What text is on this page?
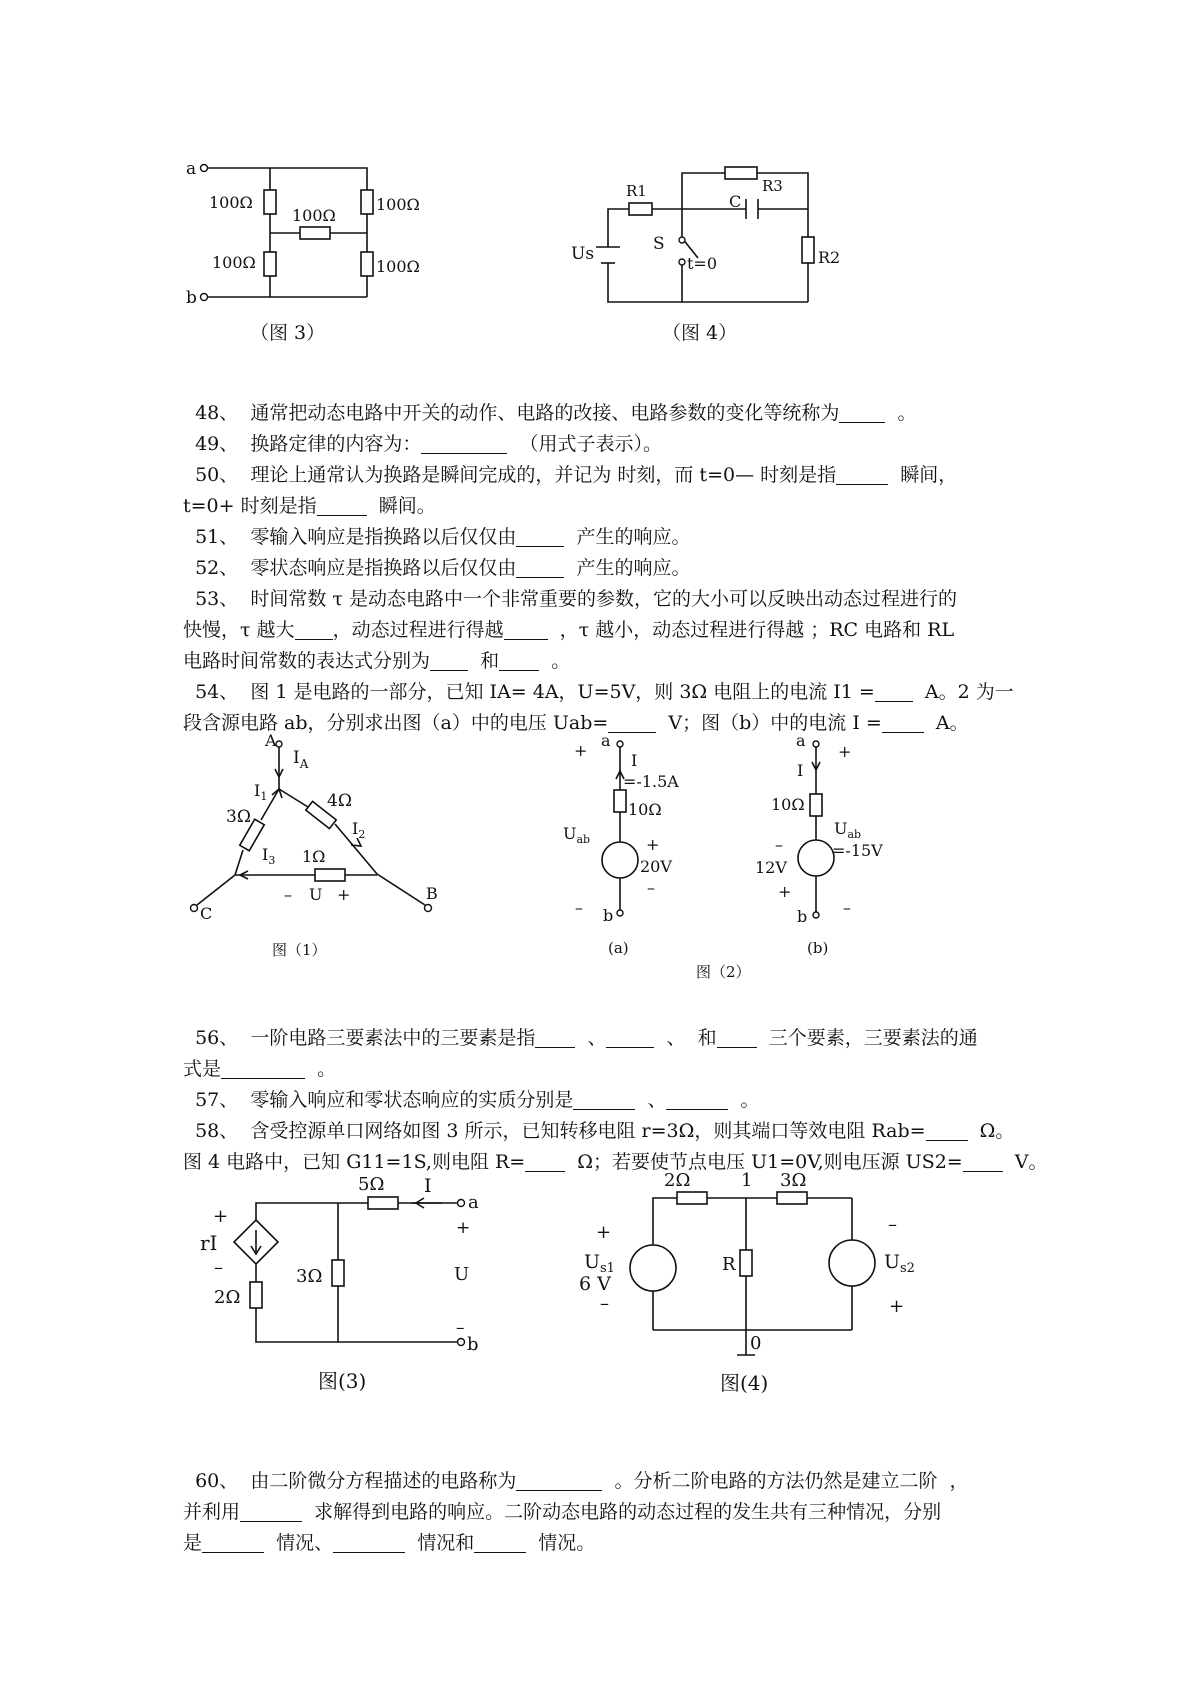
a
b
100Ω
100Ω
100Ω
100Ω	100Ω
（图 3）
R1	R3
C
Us	S
t=0	R2
（图 4）

48、  通常把动态电路中开关的动作、电路的改接、电路参数的变化等统称为  。

49、  换路定律的内容为：	（用式子表示）。

50、  理论上通常认为换路是瞬间完成的，并记为 时刻，而 t=0— 时刻是指	瞬间，
t=0+ 时刻是指	瞬间。

51、  零输入响应是指换路以后仅仅由	产生的响应。

52、  零状态响应是指换路以后仅仅由	产生的响应。

53、  时间常数 τ 是动态电路中一个非常重要的参数，它的大小可以反映出动态过程进行的
快慢，τ 越大 ，动态过程进行得越  ，τ 越小，动态过程进行得越 ；RC 电路和 RL
电路时间常数的表达式分别为  和  。

54、  图 1 是电路的一部分，已知 IA= 4A，U=5V，则 3Ω 电阻上的电流 I1 =  A。2 为一
段含源电路 ab，分别求出图（a）中的电压 Uab=	V；图（b）中的电流 I =  A。

A
$I_A$
$I_1$
3Ω
4Ω
$I_2$
$I_3$ 1Ω
– U +
C
B
图（1）
+
a
I
=-1.5A
10Ω
$U_{ab}$	+
20V
–
– b
(a)
a
+
I
10Ω
$U_{ab}$
=-15V
–
12V
+
b –
(b)
图（2）

56、  一阶电路三要素法中的三要素是指  、	、  和  三个要素，三要素法的通
式是	。

57、  零输入响应和零状态响应的实质分别是	、	。

58、  含受控源单口网络如图 3 所示，已知转移电阻 r=3Ω，则其端口等效电阻 Rab=  Ω。
图 4 电路中，已知 G11=1S,则电阻 R=  Ω；若要使节点电压 U1=0V,则电压源 US2=  V。

+
rI
–
2Ω
5Ω I
a
+
3Ω	U
–
b
图(3)
2Ω	1 3Ω
+
$U_{s1}$
6 V
–
R
–
$U_{s2}$
+
0
图(4)

60、  由二阶微分方程描述的电路称为	。分析二阶电路的方法仍然是建立二阶  ，
并利用	求解得到电路的响应。二阶动态电路的动态过程的发生共有三种情况，分别
是	情况、	情况和	情况。
